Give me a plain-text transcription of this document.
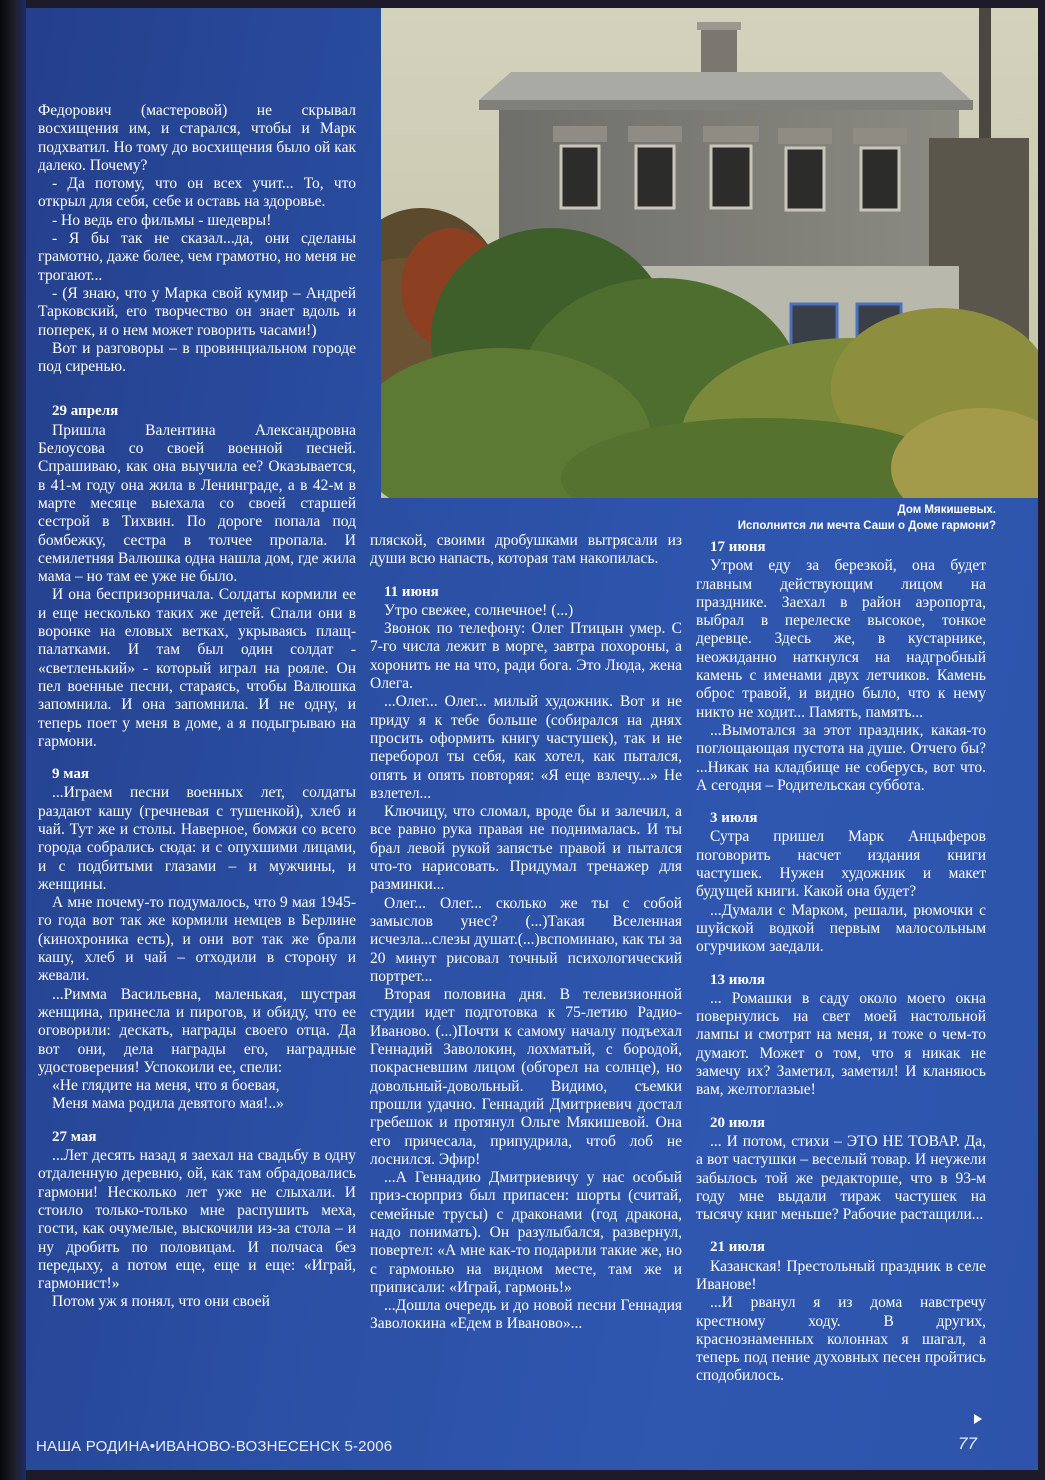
Дом Мякишевых.
Исполнится ли мечта Саши о Доме гармони?

Федорович (мастеровой) не скрывал восхищения им, и старался, чтобы и Марк подхватил. Но тому до восхищения было ой как далеко. Почему?

- Да потому, что он всех учит... То, что открыл для себя, себе и оставь на здоровье.

- Но ведь его фильмы - шедевры!

- Я бы так не сказал...да, они сделаны грамотно, даже более, чем грамотно, но меня не трогают...

- (Я знаю, что у Марка свой кумир – Андрей Тарковский, его творчество он знает вдоль и поперек, и о нем может говорить часами!)

Вот и разговоры – в провинциальном городе под сиренью.

29 апреля

Пришла Валентина Александровна Белоусова со своей военной песней. Спрашиваю, как она выучила ее? Оказывается, в 41-м году она жила в Ленинграде, а в 42-м в марте месяце выехала со своей старшей сестрой в Тихвин. По дороге попала под бомбежку, сестра в толчее пропала. И семилетняя Валюшка одна нашла дом, где жила мама – но там ее уже не было.

И она беспризорничала. Солдаты кормили ее и еще несколько таких же детей. Спали они в воронке на еловых ветках, укрываясь плащ-палатками. И там был один солдат - «светленький» - который играл на рояле. Он пел военные песни, стараясь, чтобы Валюшка запомнила. И она запомнила. И не одну, и теперь поет у меня в доме, а я подыгрываю на гармони.

9 мая

...Играем песни военных лет, солдаты раздают кашу (гречневая с тушенкой), хлеб и чай. Тут же и столы. Наверное, бомжи со всего города собрались сюда: и с опухшими лицами, и с подбитыми глазами – и мужчины, и женщины.

А мне почему-то подумалось, что 9 мая 1945-го года вот так же кормили немцев в Берлине (кинохроника есть), и они вот так же брали кашу, хлеб и чай – отходили в сторону и жевали.

...Римма Васильевна, маленькая, шустрая женщина, принесла и пирогов, и обиду, что ее оговорили: дескать, награды своего отца. Да вот они, дела награды его, наградные удостоверения! Успокоили ее, спели:

«Не глядите на меня, что я боевая,

Меня мама родила девятого мая!..»

27 мая

...Лет десять назад я заехал на свадьбу в одну отдаленную деревню, ой, как там обрадовались гармони! Несколько лет уже не слыхали. И стоило только-только мне распушить меха, гости, как очумелые, выскочили из-за стола – и ну дробить по половицам. И полчаса без передыху, а потом еще, еще и еще: «Играй, гармонист!»

Потом уж я понял, что они своей

пляской, своими дробушками вытрясали из души всю напасть, которая там накопилась.

11 июня

Утро свежее, солнечное! (...)

Звонок по телефону: Олег Птицын умер. С 7-го числа лежит в морге, завтра похороны, а хоронить не на что, ради бога. Это Люда, жена Олега.

...Олег... Олег... милый художник. Вот и не приду я к тебе больше (собирался на днях просить оформить книгу частушек), так и не переборол ты себя, как хотел, как пытался, опять и опять повторяя: «Я еще взлечу...» Не взлетел...

Ключицу, что сломал, вроде бы и залечил, а все равно рука правая не поднималась. И ты брал левой рукой запястье правой и пытался что-то нарисовать. Придумал тренажер для разминки...

Олег... Олег... сколько же ты с собой замыслов унес? (...)Такая Вселенная исчезла...слезы душат.(...)вспоминаю, как ты за 20 минут рисовал точный психологический портрет...

Вторая половина дня. В телевизионной студии идет подготовка к 75-летию Радио-Иваново. (...)Почти к самому началу подъехал Геннадий Заволокин, лохматый, с бородой, покрасневшим лицом (обгорел на солнце), но довольный-довольный. Видимо, съемки прошли удачно. Геннадий Дмитриевич достал гребешок и протянул Ольге Мякишевой. Она его причесала, припудрила, чтоб лоб не лоснился. Эфир!

...А Геннадию Дмитриевичу у нас особый приз-сюрприз был припасен: шорты (считай, семейные трусы) с драконами (год дракона, надо понимать). Он разулыбался, развернул, повертел: «А мне как-то подарили такие же, но с гармонью на видном месте, там же и приписали: «Играй, гармонь!»

...Дошла очередь и до новой песни Геннадия Заволокина «Едем в Иваново»...

17 июня

Утром еду за березкой, она будет главным действующим лицом на празднике. Заехал в район аэропорта, выбрал в перелеске высокое, тонкое деревце. Здесь же, в кустарнике, неожиданно наткнулся на надгробный камень с именами двух летчиков. Камень оброс травой, и видно было, что к нему никто не ходит... Память, память...

...Вымотался за этот праздник, какая-то поглощающая пустота на душе. Отчего бы? ...Никак на кладбище не соберусь, вот что. А сегодня – Родительская суббота.

3 июля

Сутра пришел Марк Анцыферов поговорить насчет издания книги частушек. Нужен художник и макет будущей книги. Какой она будет?

...Думали с Марком, решали, рюмочки с шуйской водкой первым малосольным огурчиком заедали.

13 июля

... Ромашки в саду около моего окна повернулись на свет моей настольной лампы и смотрят на меня, и тоже о чем-то думают. Может о том, что я никак не замечу их? Заметил, заметил! И кланяюсь вам, желтоглазые!

20 июля

... И потом, стихи – ЭТО НЕ ТОВАР. Да, а вот частушки – веселый товар. И неужели забылось той же редакторше, что в 93-м году мне выдали тираж частушек на тысячу книг меньше? Рабочие растащили...

21 июля

Казанская! Престольный праздник в селе Иванове!

...И рванул я из дома навстречу крестному ходу. В других, краснознаменных колоннах я шагал, а теперь под пение духовных песен пройтись сподобилось.

НАША РОДИНА•ИВАНОВО-ВОЗНЕСЕНСК 5-2006	77
